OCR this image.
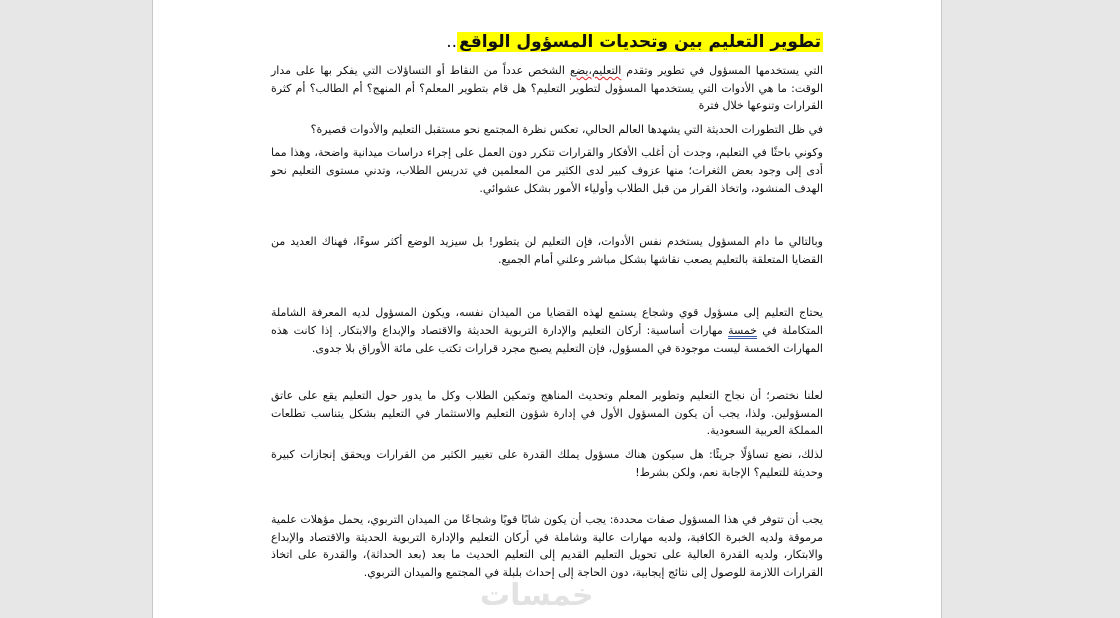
تطوير التعليم بين وتحديات المسؤول الواقع..

التي يستخدمها المسؤول في تطوير وتقدم التعليم،يضع الشخص عدداً من النقاط أو التساؤلات التي يفكر بها على مدار الوقت: ما هي الأدوات التي يستخدمها المسؤول لتطوير التعليم؟ هل قام بتطوير المعلم؟ أم المنهج؟ أم الطالب؟ أم كثرة القرارات وتنوعها خلال فترة

في ظل التطورات الحديثة التي يشهدها العالم الحالي، تعكس نظرة المجتمع نحو مستقبل التعليم والأدوات قصيرة؟

وكوني باحثًا في التعليم، وجدت أن أغلب الأفكار والقرارات تتكرر دون العمل على إجراء دراسات ميدانية واضحة، وهذا مما أدى إلى وجود بعض الثغرات؛ منها عزوف كبير لدى الكثير من المعلمين في تدريس الطلاب، وتدني مستوى التعليم نحو الهدف المنشود، واتخاذ القرار من قبل الطلاب وأولياء الأمور بشكل عشوائي.

وبالتالي ما دام المسؤول يستخدم نفس الأدوات، فإن التعليم لن يتطور! بل سيزيد الوضع أكثر سوءًا، فهناك العديد من القضايا المتعلقة بالتعليم يصعب نقاشها بشكل مباشر وعلني أمام الجميع.

يحتاج التعليم إلى مسؤول قوي وشجاع يستمع لهذه القضايا من الميدان نفسه، ويكون المسؤول لديه المعرفة الشاملة المتكاملة في خمسة مهارات أساسية: أركان التعليم والإدارة التربوية الحديثة والاقتصاد والإبداع والابتكار. إذا كانت هذه المهارات الخمسة ليست موجودة في المسؤول، فإن التعليم يصبح مجرد قرارات تكتب على مائة الأوراق بلا جدوى.

لعلنا نختصر؛ أن نجاح التعليم وتطوير المعلم وتحديث المناهج وتمكين الطلاب وكل ما يدور حول التعليم يقع على عاتق المسؤولين. ولذا، يجب أن يكون المسؤول الأول في إدارة شؤون التعليم والاستثمار في التعليم بشكل يتناسب تطلعات المملكة العربية السعودية.

لذلك، نضع تساؤلًا جريئًا: هل سيكون هناك مسؤول يملك القدرة على تغيير الكثير من القرارات ويحقق إنجازات كبيرة وحديثة للتعليم؟ الإجابة نعم، ولكن بشرط!

يجب أن تتوفر في هذا المسؤول صفات محددة: يجب أن يكون شابًا قويًا وشجاعًا من الميدان التربوي، يحمل مؤهلات علمية مرموقة ولديه الخبرة الكافية، ولديه مهارات عالية وشاملة في أركان التعليم والإدارة التربوية الحديثة والاقتصاد والإبداع والابتكار، ولديه القدرة العالية على تحويل التعليم القديم إلى التعليم الحديث ما بعد (بعد الحداثة)، والقدرة على اتخاذ القرارات اللازمة للوصول إلى نتائج إيجابية، دون الحاجة إلى إحداث بلبلة في المجتمع والميدان التربوي.

خمسات
